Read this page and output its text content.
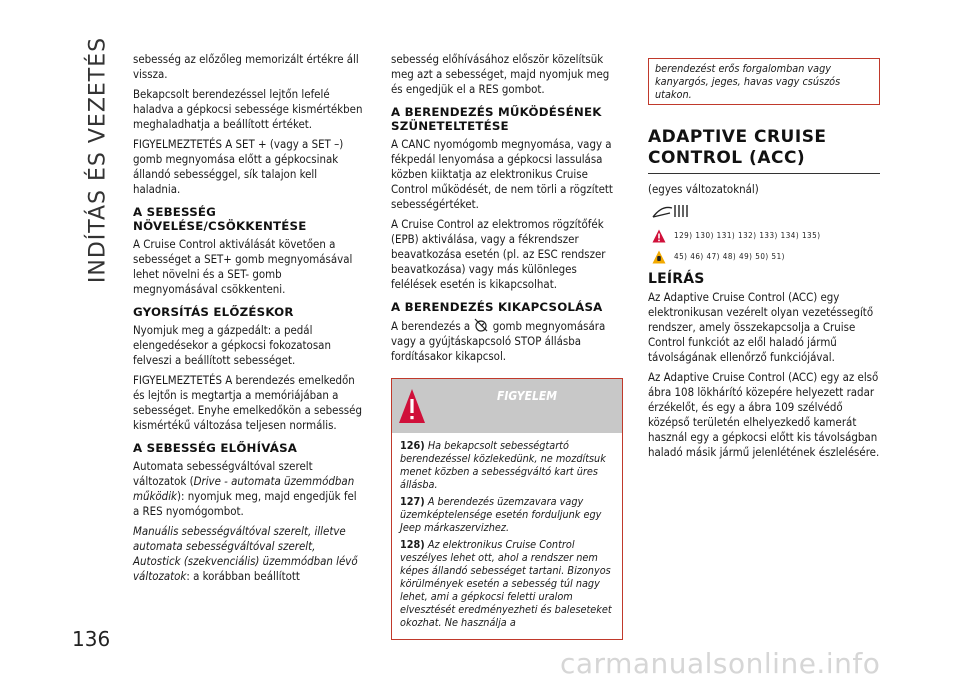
INDÍTÁS ÉS VEZETÉS sebesség az előzőleg memorizált értékre áll vissza.

Bekapcsolt berendezéssel lejtőn lefelé haladva a gépkocsi sebessége kismértékben meghaladhatja a beállított értéket.

FIGYELMEZTETÉS A SET + (vagy a SET –) gomb megnyomása előtt a gépkocsinak állandó sebességgel, sík talajon kell haladnia.

A SEBESSÉG NÖVELÉSE/CSÖKKENTÉSE

A Cruise Control aktiválását követően a sebességet a SET+ gomb megnyomásával lehet növelni és a SET- gomb megnyomásával csökkenteni.

GYORSÍTÁS ELŐZÉSKOR

Nyomjuk meg a gázpedált: a pedál elengedésekor a gépkocsi fokozatosan felveszi a beállított sebességet.

FIGYELMEZTETÉS A berendezés emelkedőn és lejtőn is megtartja a memóriájában a sebességet. Enyhe emelkedőkön a sebesség kismértékű változása teljesen normális.

A SEBESSÉG ELŐHÍVÁSA

Automata sebességváltóval szerelt változatok (Drive - automata üzemmódban működik): nyomjuk meg, majd engedjük fel a RES nyomógombot.

Manuális sebességváltóval szerelt, illetve automata sebességváltóval szerelt, Autostick (szekvenciális) üzemmódban lévő változatok: a korábban beállított

sebesség előhívásához először közelítsük meg azt a sebességet, majd nyomjuk meg és engedjük el a RES gombot.

A BERENDEZÉS MŰKÖDÉSÉNEK SZÜNETELTETÉSE

A CANC nyomógomb megnyomása, vagy a fékpedál lenyomása a gépkocsi lassulása közben kiiktatja az elektronikus Cruise Control működését, de nem törli a rögzített sebességértéket.

A Cruise Control az elektromos rögzítőfék (EPB) aktiválása, vagy a fékrendszer beavatkozása esetén (pl. az ESC rendszer beavatkozása) vagy más különleges felélések esetén is kikapcsolhat.

A BERENDEZÉS KIKAPCSOLÁSA

A berendezés a gomb megnyomására vagy a gyújtáskapcsoló STOP állásba fordításakor kikapcsol.

FIGYELEM

126) Ha bekapcsolt sebességtartó berendezéssel közlekedünk, ne mozdítsuk menet közben a sebességváltó kart üres állásba.

127) A berendezés üzemzavara vagy üzemképtelensége esetén forduljunk egy Jeep márkaszervizhez.

128) Az elektronikus Cruise Control veszélyes lehet ott, ahol a rendszer nem képes állandó sebességet tartani. Bizonyos körülmények esetén a sebesség túl nagy lehet, ami a gépkocsi feletti uralom elvesztését eredményezheti és baleseteket okozhat. Ne használja a

berendezést erős forgalomban vagy kanyargós, jeges, havas vagy csúszós utakon.
ADAPTIVE CRUISE CONTROL (ACC)

(egyes változatoknál)

129) 130) 131) 132) 133) 134) 135)
45) 46) 47) 48) 49) 50) 51)
LEÍRÁS

Az Adaptive Cruise Control (ACC) egy elektronikusan vezérelt olyan vezetéssegítő rendszer, amely összekapcsolja a Cruise Control funkciót az elől haladó jármű távolságának ellenőrző funkciójával.

Az Adaptive Cruise Control (ACC) egy az első ábra 108 lökhárító közepére helyezett radar érzékelőt, és egy a ábra 109 szélvédő középső területén elhelyezkedő kamerát használ egy a gépkocsi előtt kis távolságban haladó másik jármű jelenlétének észlelésére.

136
carmanualsonline.info
